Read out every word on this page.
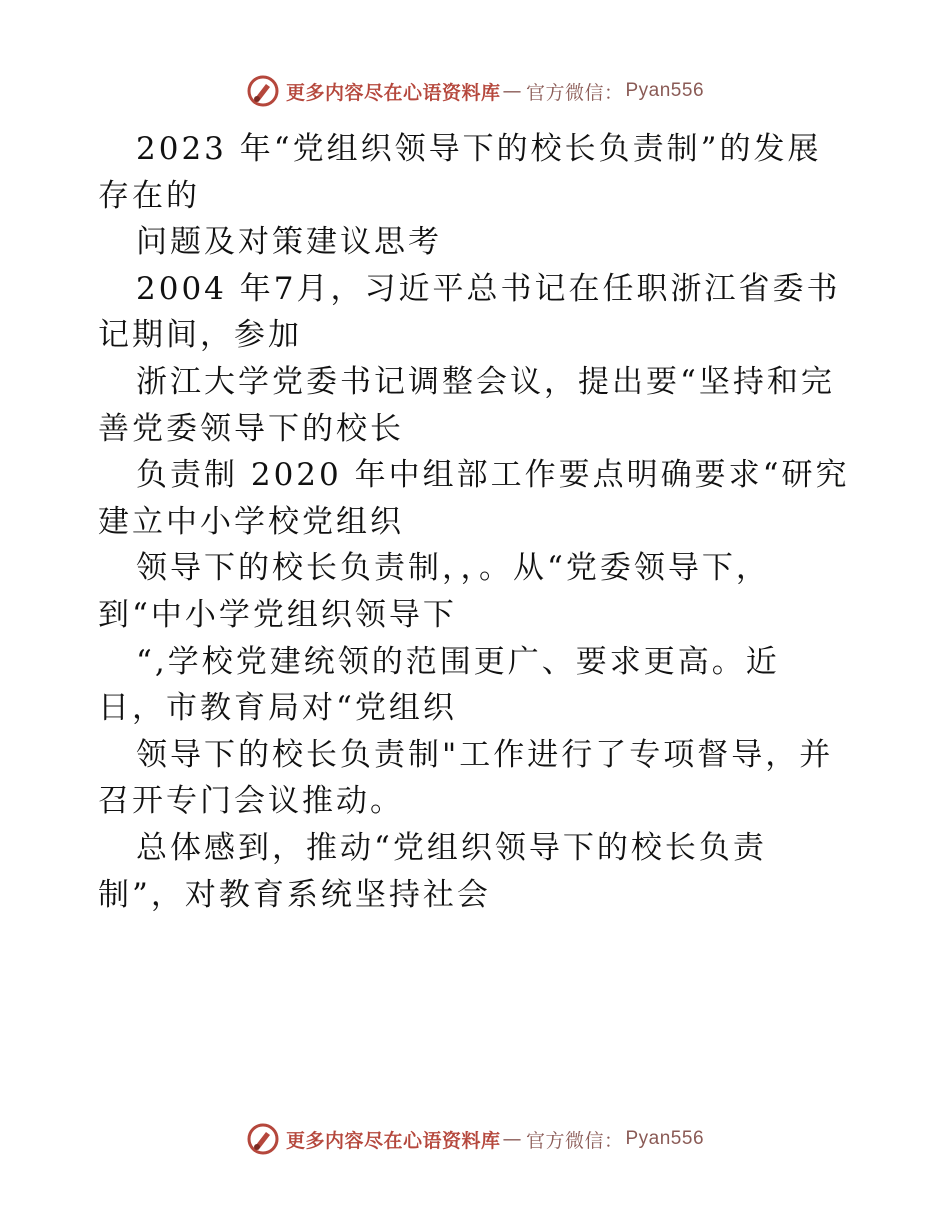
更多内容尽在心语资料库 — 官方微信： Pyan556
2023 年“党组织领导下的校长负责制”的发展
存在的
问题及对策建议思考
2004 年7月，习近平总书记在任职浙江省委书
记期间，参加
浙江大学党委书记调整会议，提出要“坚持和完
善党委领导下的校长
负责制 2020 年中组部工作要点明确要求“研究
建立中小学校党组织
领导下的校长负责制，，。从“党委领导下，
到“中小学党组织领导下
“,学校党建统领的范围更广、要求更高。近
日，市教育局对“党组织
领导下的校长负责制"工作进行了专项督导，并
召开专门会议推动。
总体感到，推动“党组织领导下的校长负责
制”，对教育系统坚持社会
更多内容尽在心语资料库 — 官方微信： Pyan556
